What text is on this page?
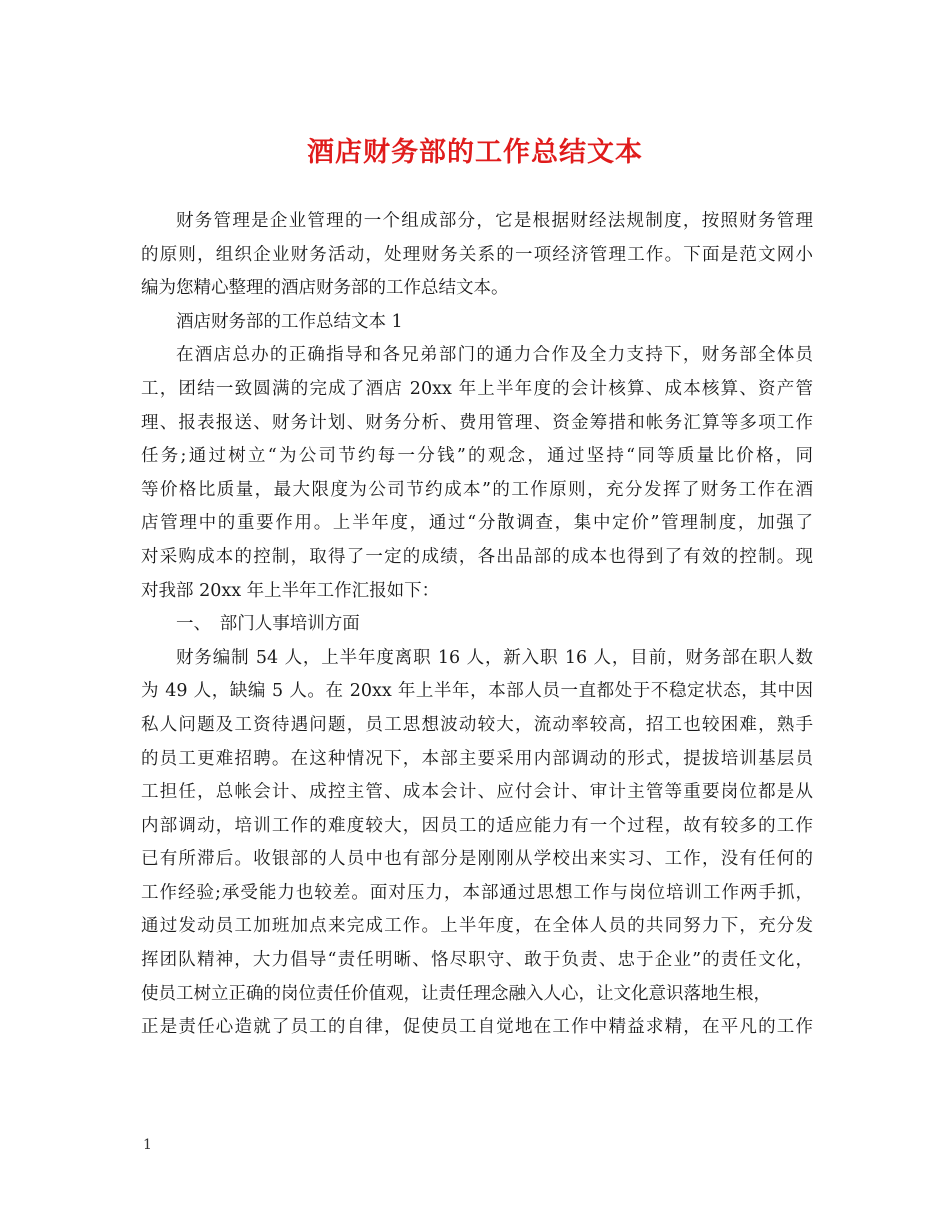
酒店财务部的工作总结文本
财务管理是企业管理的一个组成部分，它是根据财经法规制度，按照财务管理
的原则，组织企业财务活动，处理财务关系的一项经济管理工作。下面是范文网小
编为您精心整理的酒店财务部的工作总结文本。
酒店财务部的工作总结文本 1
在酒店总办的正确指导和各兄弟部门的通力合作及全力支持下，财务部全体员
工，团结一致圆满的完成了酒店 20xx 年上半年度的会计核算、成本核算、资产管
理、报表报送、财务计划、财务分析、费用管理、资金筹措和帐务汇算等多项工作
任务;通过树立“为公司节约每一分钱”的观念，通过坚持“同等质量比价格，同
等价格比质量，最大限度为公司节约成本”的工作原则，充分发挥了财务工作在酒
店管理中的重要作用。上半年度，通过“分散调查，集中定价”管理制度，加强了
对采购成本的控制，取得了一定的成绩，各出品部的成本也得到了有效的控制。现
对我部 20xx 年上半年工作汇报如下：
一、　部门人事培训方面
财务编制 54 人，上半年度离职 16 人，新入职 16 人，目前，财务部在职人数
为 49 人，缺编 5 人。在 20xx 年上半年，本部人员一直都处于不稳定状态，其中因
私人问题及工资待遇问题，员工思想波动较大，流动率较高，招工也较困难，熟手
的员工更难招聘。在这种情况下，本部主要采用内部调动的形式，提拔培训基层员
工担任，总帐会计、成控主管、成本会计、应付会计、审计主管等重要岗位都是从
内部调动，培训工作的难度较大，因员工的适应能力有一个过程，故有较多的工作
已有所滞后。收银部的人员中也有部分是刚刚从学校出来实习、工作，没有任何的
工作经验;承受能力也较差。面对压力，本部通过思想工作与岗位培训工作两手抓，
通过发动员工加班加点来完成工作。上半年度，在全体人员的共同努力下，充分发
挥团队精神，大力倡导“责任明晰、恪尽职守、敢于负责、忠于企业”的责任文化，
使员工树立正确的岗位责任价值观，让责任理念融入人心，让文化意识落地生根，
正是责任心造就了员工的自律，促使员工自觉地在工作中精益求精，在平凡的工作
1
